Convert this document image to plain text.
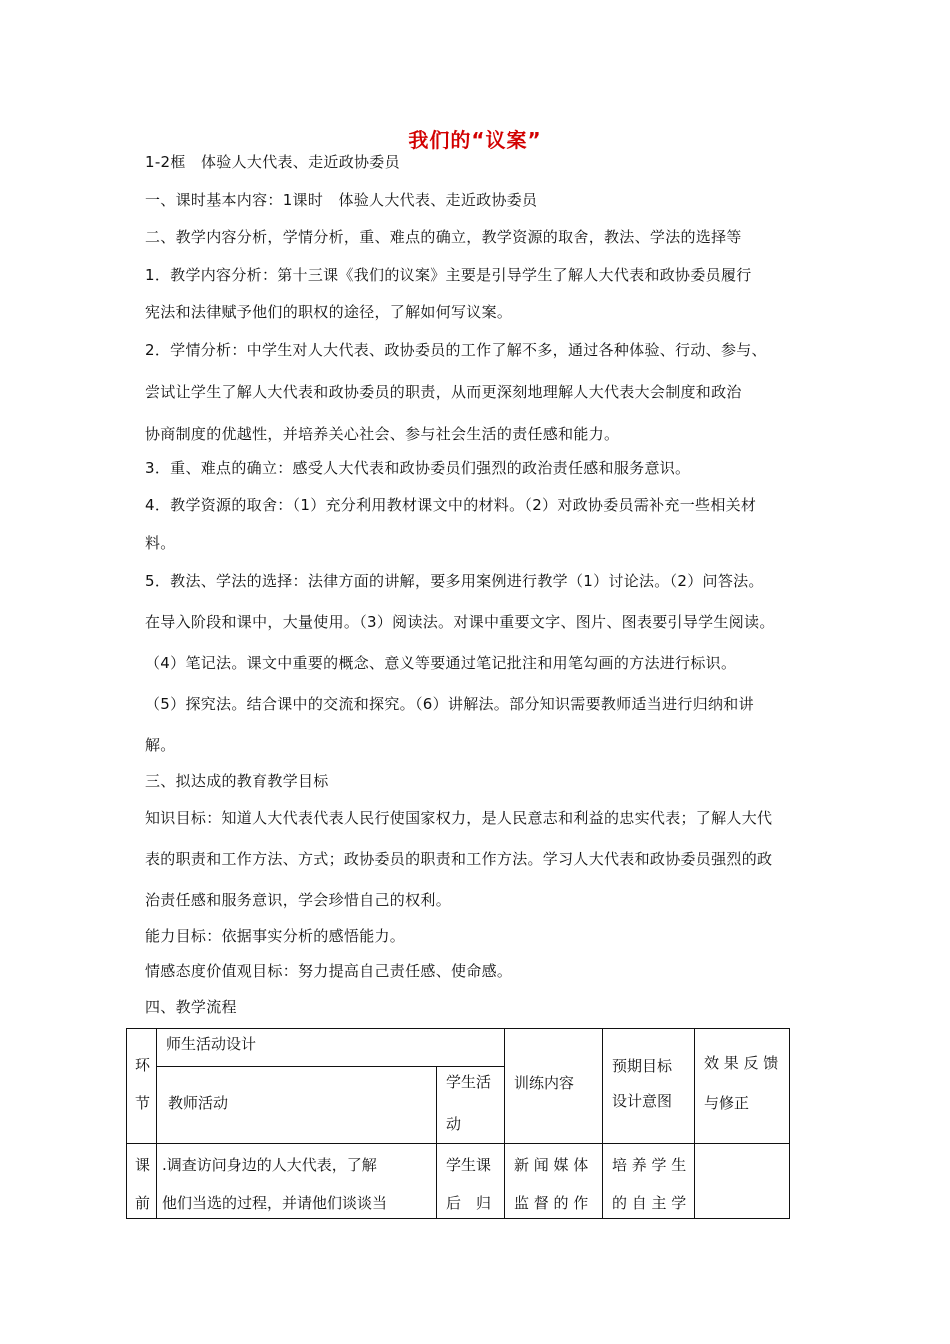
我们的“议案”
1-2框　体验人大代表、走近政协委员
一、课时基本内容：1课时　体验人大代表、走近政协委员
二、教学内容分析，学情分析，重、难点的确立，教学资源的取舍，教法、学法的选择等
1．教学内容分析：第十三课《我们的议案》主要是引导学生了解人大代表和政协委员履行
宪法和法律赋予他们的职权的途径，了解如何写议案。
2．学情分析：中学生对人大代表、政协委员的工作了解不多，通过各种体验、行动、参与、
尝试让学生了解人大代表和政协委员的职责，从而更深刻地理解人大代表大会制度和政治
协商制度的优越性，并培养关心社会、参与社会生活的责任感和能力。
3．重、难点的确立：感受人大代表和政协委员们强烈的政治责任感和服务意识。
4．教学资源的取舍：（1）充分利用教材课文中的材料。（2）对政协委员需补充一些相关材
料。
5．教法、学法的选择：法律方面的讲解，要多用案例进行教学（1）讨论法。（2）问答法。
在导入阶段和课中，大量使用。（3）阅读法。对课中重要文字、图片、图表要引导学生阅读。
（4）笔记法。课文中重要的概念、意义等要通过笔记批注和用笔勾画的方法进行标识。
（5）探究法。结合课中的交流和探究。（6）讲解法。部分知识需要教师适当进行归纳和讲
解。
三、拟达成的教育教学目标
知识目标：知道人大代表代表人民行使国家权力，是人民意志和利益的忠实代表；了解人大代
表的职责和工作方法、方式；政协委员的职责和工作方法。学习人大代表和政协委员强烈的政
治责任感和服务意识，学会珍惜自己的权利。
能力目标：依据事实分析的感悟能力。
情感态度价值观目标：努力提高自己责任感、使命感。
四、教学流程
环
节
师生活动设计
教师活动
学生活
动
训练内容
预期目标
设计意图
效 果 反 馈
与修正
课
前
.调查访问身边的人大代表，了解
他们当选的过程，并请他们谈谈当
学生课
后　归
新 闻 媒 体
监 督 的 作
培 养 学 生
的 自 主 学
